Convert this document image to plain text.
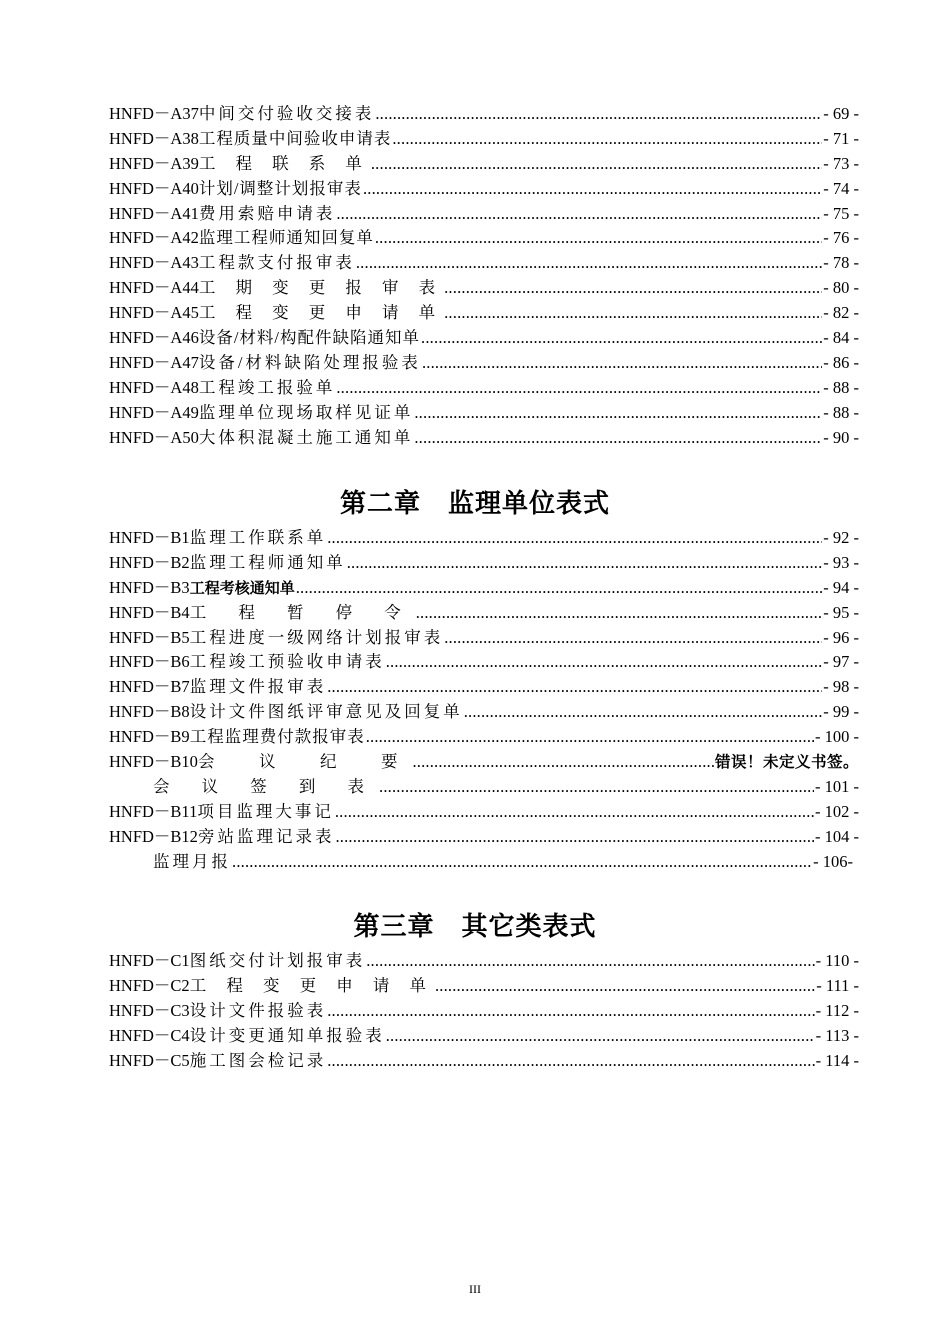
HNFD－A37中间交付验收交接表 .....	- 69 -
HNFD－A38工程质量中间验收申请表 .....	- 71 -
HNFD－A39工 程 联 系 单 .....	- 73 -
HNFD－A40计划/调整计划报审表 .....	- 74 -
HNFD－A41费用索赔申请表 .....	- 75 -
HNFD－A42监理工程师通知回复单 .....	- 76 -
HNFD－A43工程款支付报审表 .....	- 78 -
HNFD－A44工 期 变 更 报 审 表 .....	- 80 -
HNFD－A45工 程 变 更 申 请 单 .....	- 82 -
HNFD－A46设备/材料/构配件缺陷通知单 .....	- 84 -
HNFD－A47设备/材料缺陷处理报验表 .....	- 86 -
HNFD－A48工程竣工报验单 .....	- 88 -
HNFD－A49监理单位现场取样见证单 .....	- 88 -
HNFD－A50大体积混凝土施工通知单 .....	- 90 -
第二章　监理单位表式
HNFD－B1监理工作联系单 .....	- 92 -
HNFD－B2监理工程师通知单 .....	- 93 -
HNFD－B3工程考核通知单 .....	- 94 -
HNFD－B4工 程 暂 停 令 .....	- 95 -
HNFD－B5工程进度一级网络计划报审表 .....	- 96 -
HNFD－B6工程竣工预验收申请表 .....	- 97 -
HNFD－B7监理文件报审表 .....	- 98 -
HNFD－B8设计文件图纸评审意见及回复单 .....	- 99 -
HNFD－B9工程监理费付款报审表 .....	- 100 -
HNFD－B10会　议　纪　要 .....	错误！未定义书签。
会 议 签 到 表 .....	- 101 -
HNFD－B11项目监理大事记 .....	- 102 -
HNFD－B12旁站监理记录表 .....	- 104 -
监理月报 .....	- 106-
第三章　其它类表式
HNFD－C1图纸交付计划报审表 .....	- 110 -
HNFD－C2工 程 变 更 申 请 单 .....	- 111 -
HNFD－C3设计文件报验表 .....	- 112 -
HNFD－C4设计变更通知单报验表 .....	- 113 -
HNFD－C5施工图会检记录 .....	- 114 -
III
